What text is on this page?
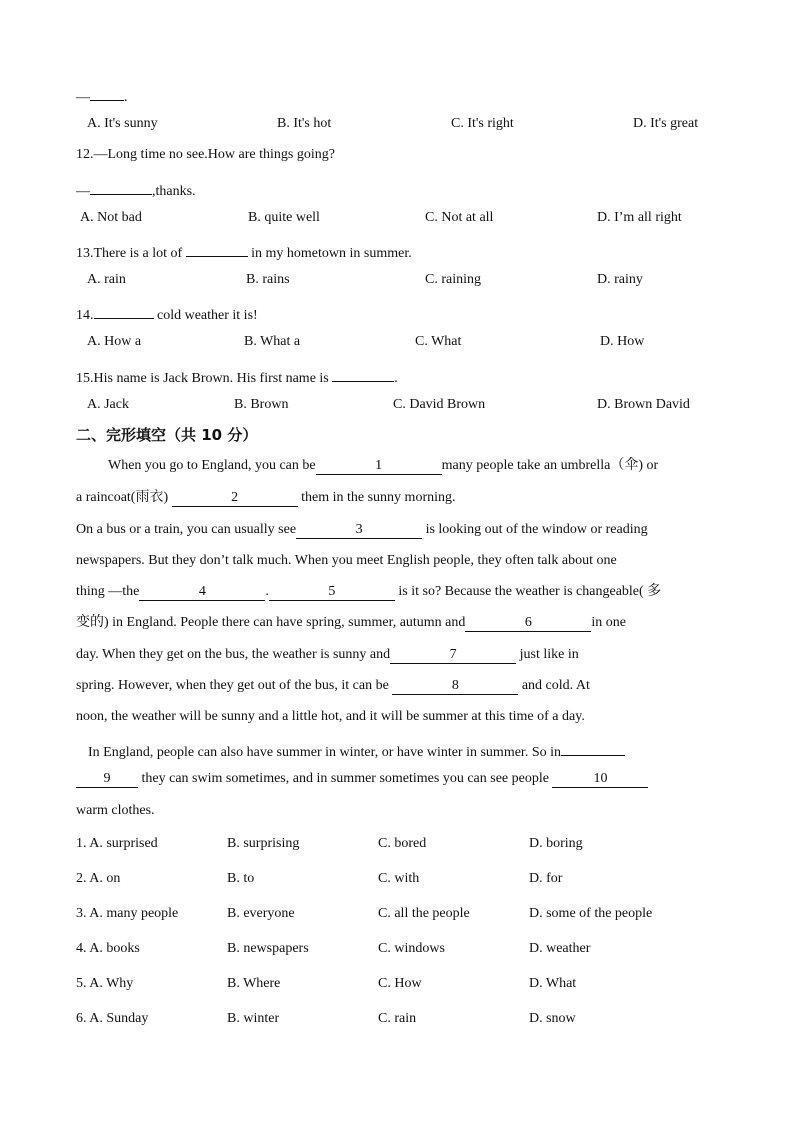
— .
A. It's sunny	B. It's hot	C. It's right	D. It's great
12.—Long time no see.How are things going?
—	,thanks.
A. Not bad	B. quite well	C. Not at all	D. I’m all right
13.There is a lot of	in my hometown in summer.
A. rain	B. rains	C. raining	D. rainy
14.	cold weather it is!
A. How a	B. What a	C. What	D. How
15.His name is Jack Brown. His first name is	.
A. Jack	B. Brown	C. David Brown	D. Brown David
二、完形填空（共 10 分）
When you go to England, you can be	1	many people take an umbrella（伞) or
a raincoat(雨衣)	2	them in the sunny morning.
On a bus or a train, you can usually see	3	is looking out of the window or reading
newspapers. But they don’t talk much. When you meet English people, they often talk about one
thing —the	4	.	5	is it so? Because the weather is changeable( 多
变的) in England. People there can have spring, summer, autumn and	6	in one
day. When they get on the bus, the weather is sunny and	7	just like in
spring. However, when they get out of the bus, it can be	8	and cold. At
noon, the weather will be sunny and a little hot, and it will be summer at this time of a day.
In England, people can also have summer in winter, or have winter in summer. So in
9 they can swim sometimes, and in summer sometimes you can see people	10
warm clothes.
1. A. surprised	B. surprising	C. bored	D. boring
2. A. on	B. to	C. with	D. for
3. A. many people	B. everyone	C. all the people	D. some of the people
4. A. books	B. newspapers	C. windows	D. weather
5. A. Why	B. Where	C. How	D. What
6. A. Sunday	B. winter	C. rain	D. snow
